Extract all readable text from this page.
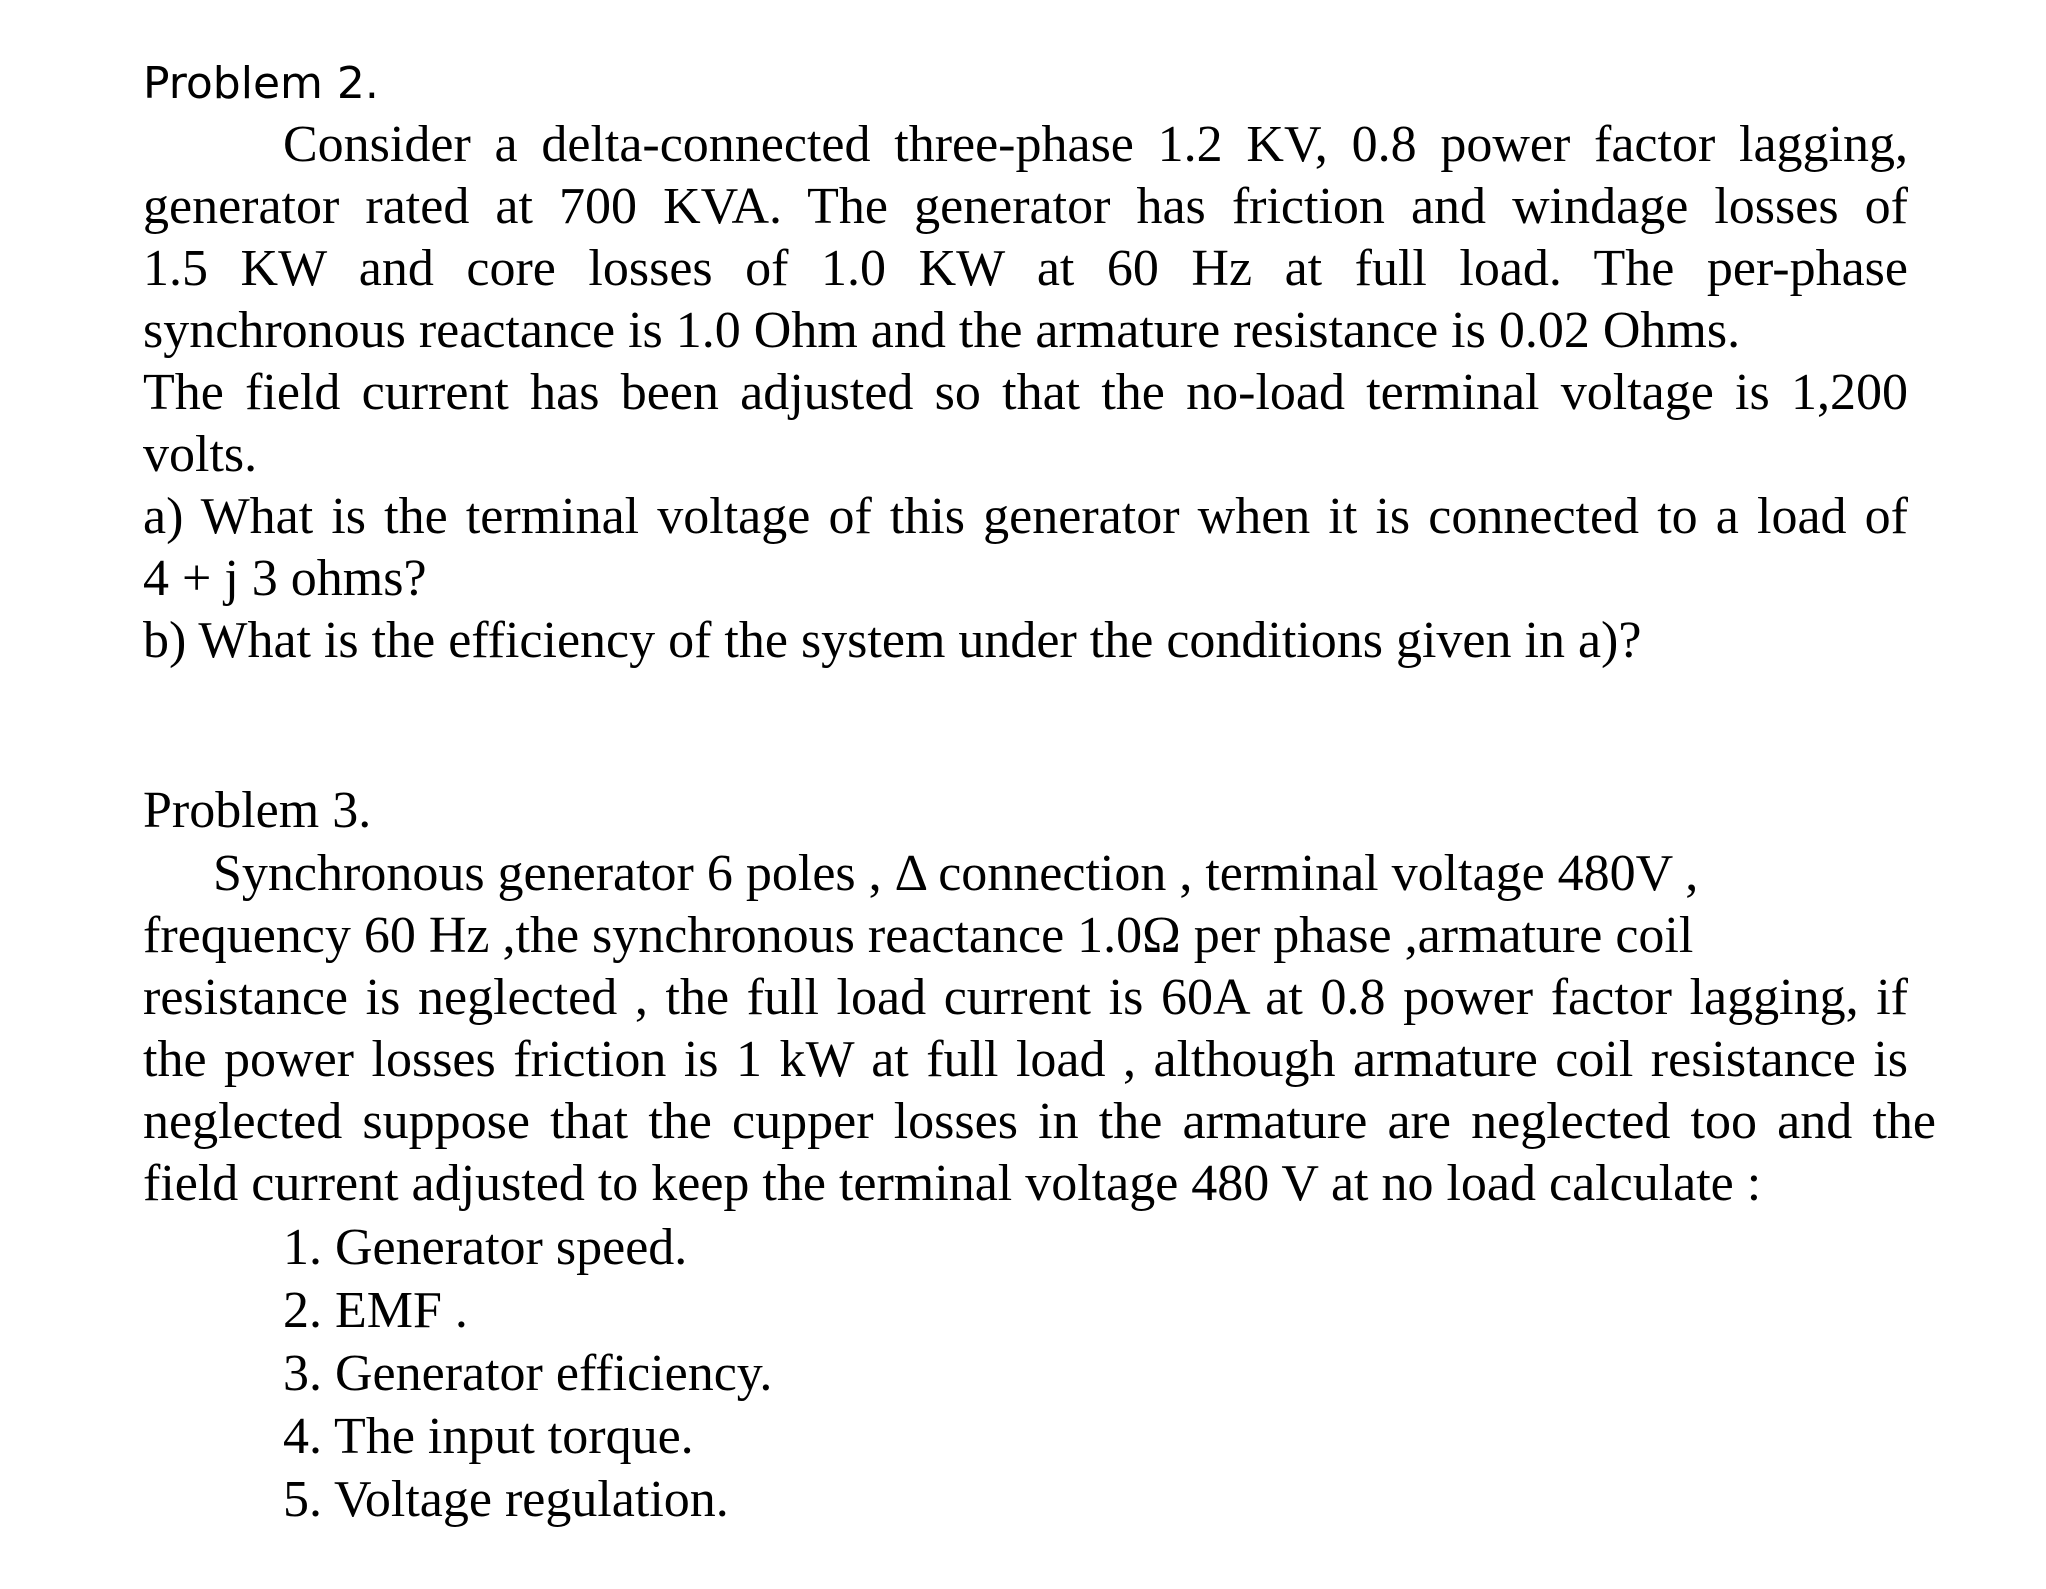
Problem 2.
Consider a delta-connected three-phase 1.2 KV, 0.8 power factor lagging,
generator rated at 700 KVA. The generator has friction and windage losses of
1.5 KW and core losses of 1.0 KW at 60 Hz at full load. The per-phase
synchronous reactance is 1.0 Ohm and the armature resistance is 0.02 Ohms.
The field current has been adjusted so that the no-load terminal voltage is 1,200
volts.
a) What is the terminal voltage of this generator when it is connected to a load of
4 + j 3 ohms?
b) What is the efficiency of the system under the conditions given in a)?
Problem 3.
Synchronous generator 6 poles , Δ connection , terminal voltage 480V ,
frequency 60 Hz ,the synchronous reactance 1.0Ω per phase ,armature coil
resistance is neglected , the full load current is 60A at 0.8 power factor lagging, if
the power losses friction is 1 kW at full load , although armature coil resistance is
neglected suppose that the cupper losses in the armature are neglected too and the
field current adjusted to keep the terminal voltage 480 V at no load calculate :
1. Generator speed.
2. EMF .
3. Generator efficiency.
4. The input torque.
5. Voltage regulation.
